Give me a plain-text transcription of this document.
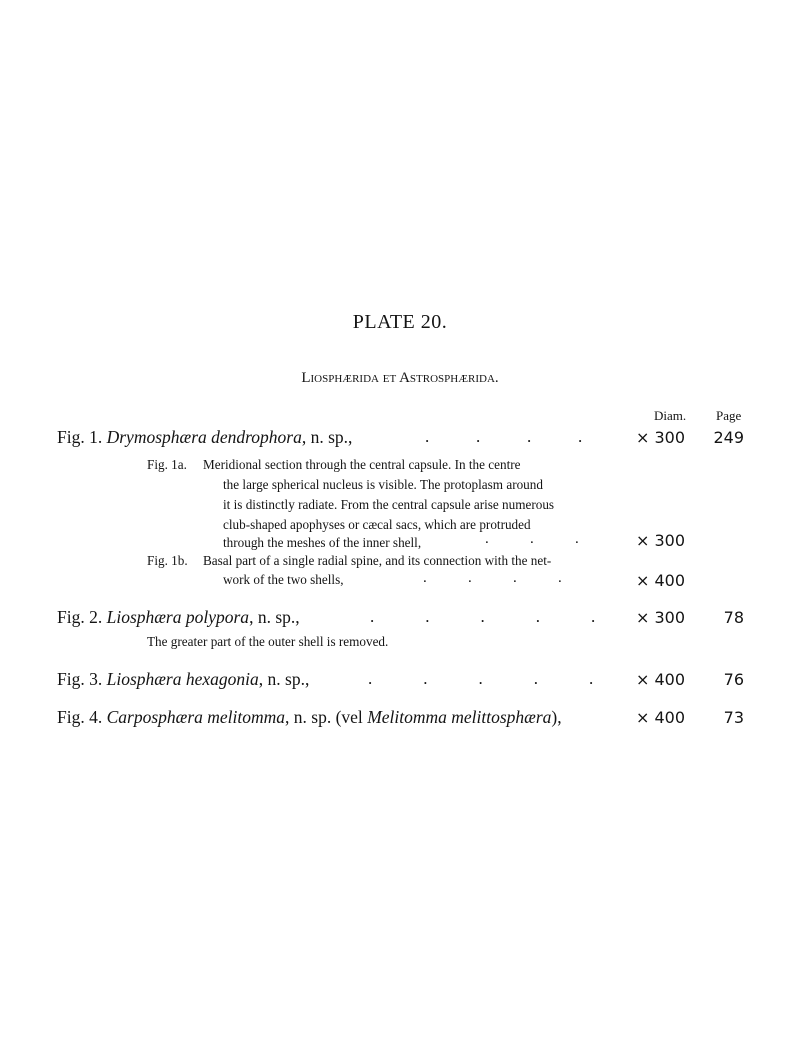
PLATE 20.
Liosphærida et Astrosphærida.
Diam. Page
Fig. 1. Drymosphæra dendrophora, n. sp.,	.           .           .           .	× 300	249
Fig. 1a. Meridional section through the central capsule. In the centre
the large spherical nucleus is visible. The protoplasm around
it is distinctly radiate. From the central capsule arise numerous
club-shaped apophyses or cæcal sacs, which are protruded
through the meshes of the inner shell,	.           .           .	× 300
Fig. 1b. Basal part of a single radial spine, and its connection with the net-
work of the two shells,	.           .           .           .	× 400
Fig. 2. Liosphæra polypora, n. sp.,	.            .            .            .            .	× 300	78
The greater part of the outer shell is removed.
Fig. 3. Liosphæra hexagonia, n. sp.,	.            .            .            .            .	× 400	76
Fig. 4. Carposphæra melitomma, n. sp. (vel Melitomma melittosphæra),	× 400	73
